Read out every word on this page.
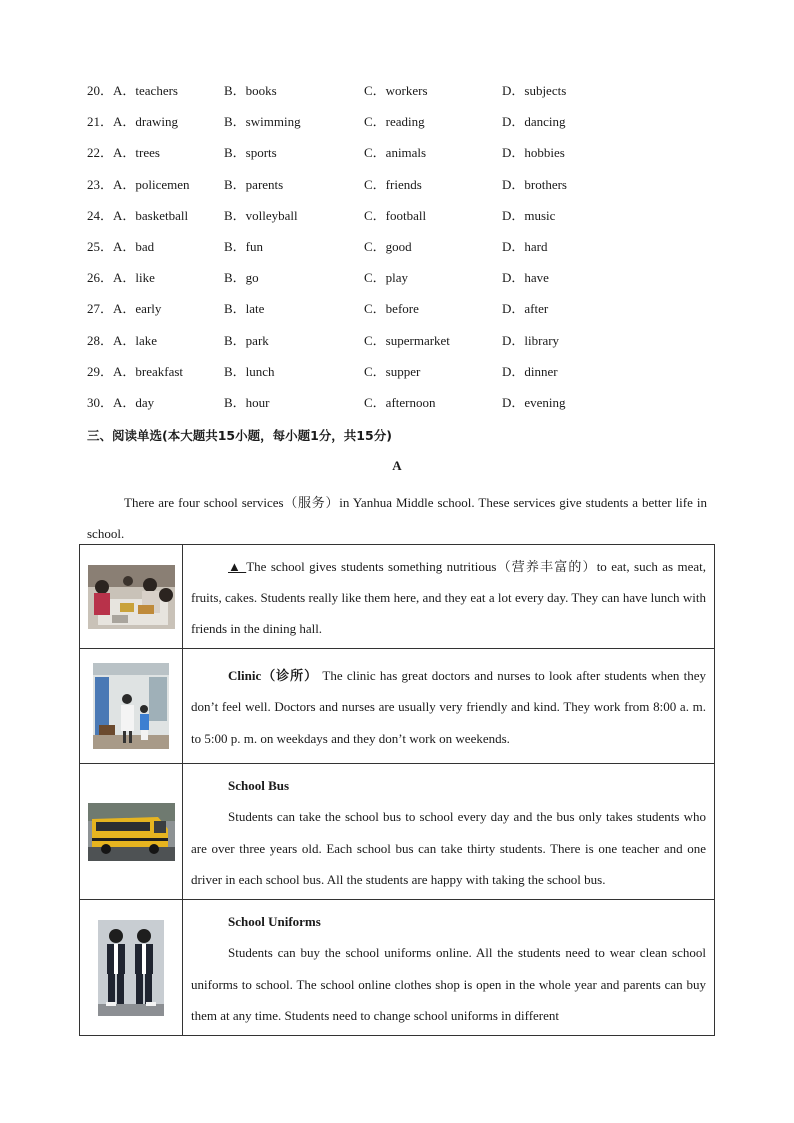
20．A．teachers	B．books	C．workers	D．subjects
21．A．drawing	B．swimming	C．reading	D．dancing
22．A．trees	B．sports	C．animals	D．hobbies
23．A．policemen	B．parents	C．friends	D．brothers
24．A．basketball	B．volleyball	C．football	D．music
25．A．bad	B．fun	C．good	D．hard
26．A．like	B．go	C．play	D．have
27．A．early	B．late	C．before	D．after
28．A．lake	B．park	C．supermarket	D．library
29．A．breakfast	B．lunch	C．supper	D．dinner
30．A．day	B．hour	C．afternoon	D．evening
三、阅读单选(本大题共15小题，每小题1分，共15分)
A

There are four school services（服务）in Yanhua Middle school. These services give students a better life in school.

▲ The school gives students something nutritious（营养丰富的）to eat, such as meat, fruits, cakes. Students really like them here, and they eat a lot every day. They can have lunch with friends in the dining hall.

Clinic（诊所） The clinic has great doctors and nurses to look after students when they don’t feel well. Doctors and nurses are usually very friendly and kind. They work from 8:00 a. m. to 5:00 p. m. on weekdays and they don’t work on weekends.

School Bus

Students can take the school bus to school every day and the bus only takes students who are over three years old. Each school bus can take thirty students. There is one teacher and one driver in each school bus. All the students are happy with taking the school bus.

School Uniforms

Students can buy the school uniforms online. All the students need to wear clean school uniforms to school. The school online clothes shop is open in the whole year and parents can buy them at any time. Students need to change school uniforms in different
